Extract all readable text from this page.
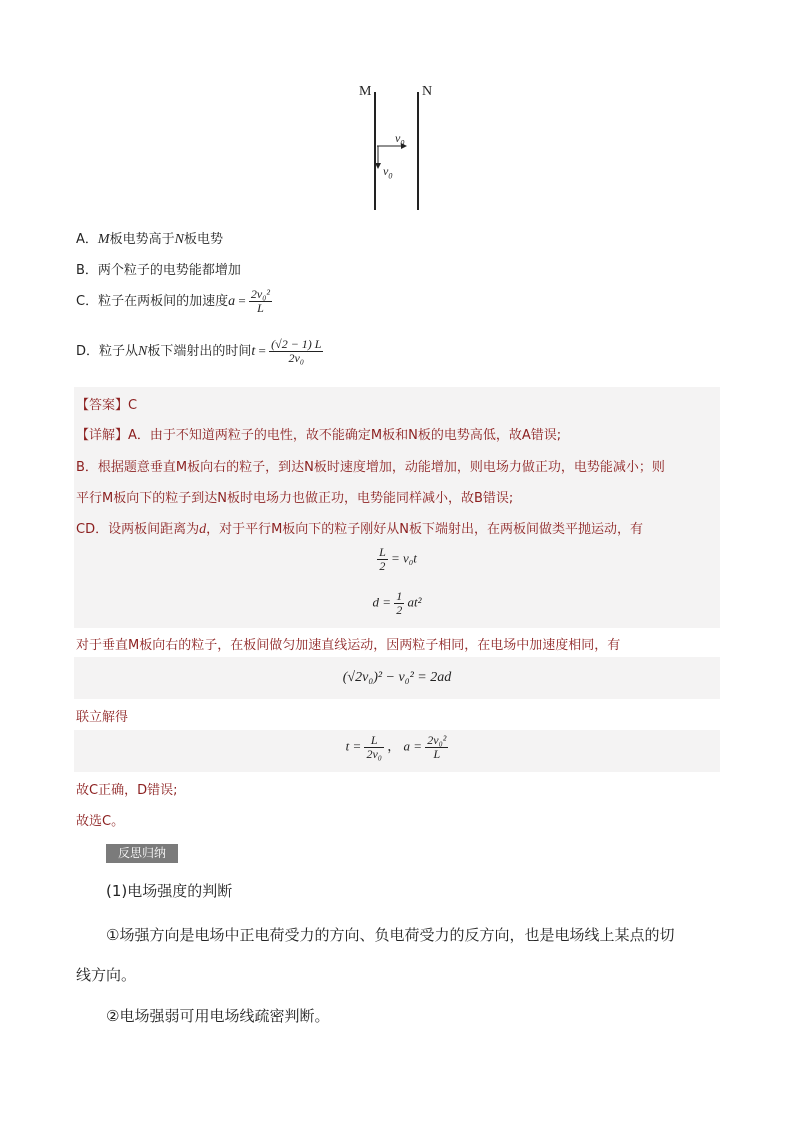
M	N
$v_0$
$v_0$
A．M板电势高于N板电势
B．两个粒子的电势能都增加
C．粒子在两板间的加速度$a = \frac{\text{2v₀²}}{L}$
D．粒子从N板下端射出的时间$t = \frac{(√2 - 1) L}{\text{2v₀}}$
【答案】C
【详解】A．由于不知道两粒子的电性，故不能确定M板和N板的电势高低，故A错误;
B．根据题意垂直M板向右的粒子，到达N板时速度增加，动能增加，则电场力做正功，电势能减小；则
平行M板向下的粒子到达N板时电场力也做正功，电势能同样减小，故B错误;
CD．设两板间距离为d，对于平行M板向下的粒子刚好从N板下端射出，在两板间做类平抛运动，有
$\frac{L}{2} = v_0t$
$d = \frac{1}{2} at^2$
对于垂直M板向右的粒子，在板间做匀加速直线运动，因两粒子相同，在电场中加速度相同，有
(√2v₀)² − v₀² = 2ad
联立解得
$t = \frac{L}{\text{2v₀}}$ ， $a = \frac{\text{2v₀²}}{L}$
故C正确，D错误;
故选C。
反思归纳
(1)电场强度的判断
①场强方向是电场中正电荷受力的方向、负电荷受力的反方向，也是电场线上某点的切
线方向。
②电场强弱可用电场线疏密判断。
